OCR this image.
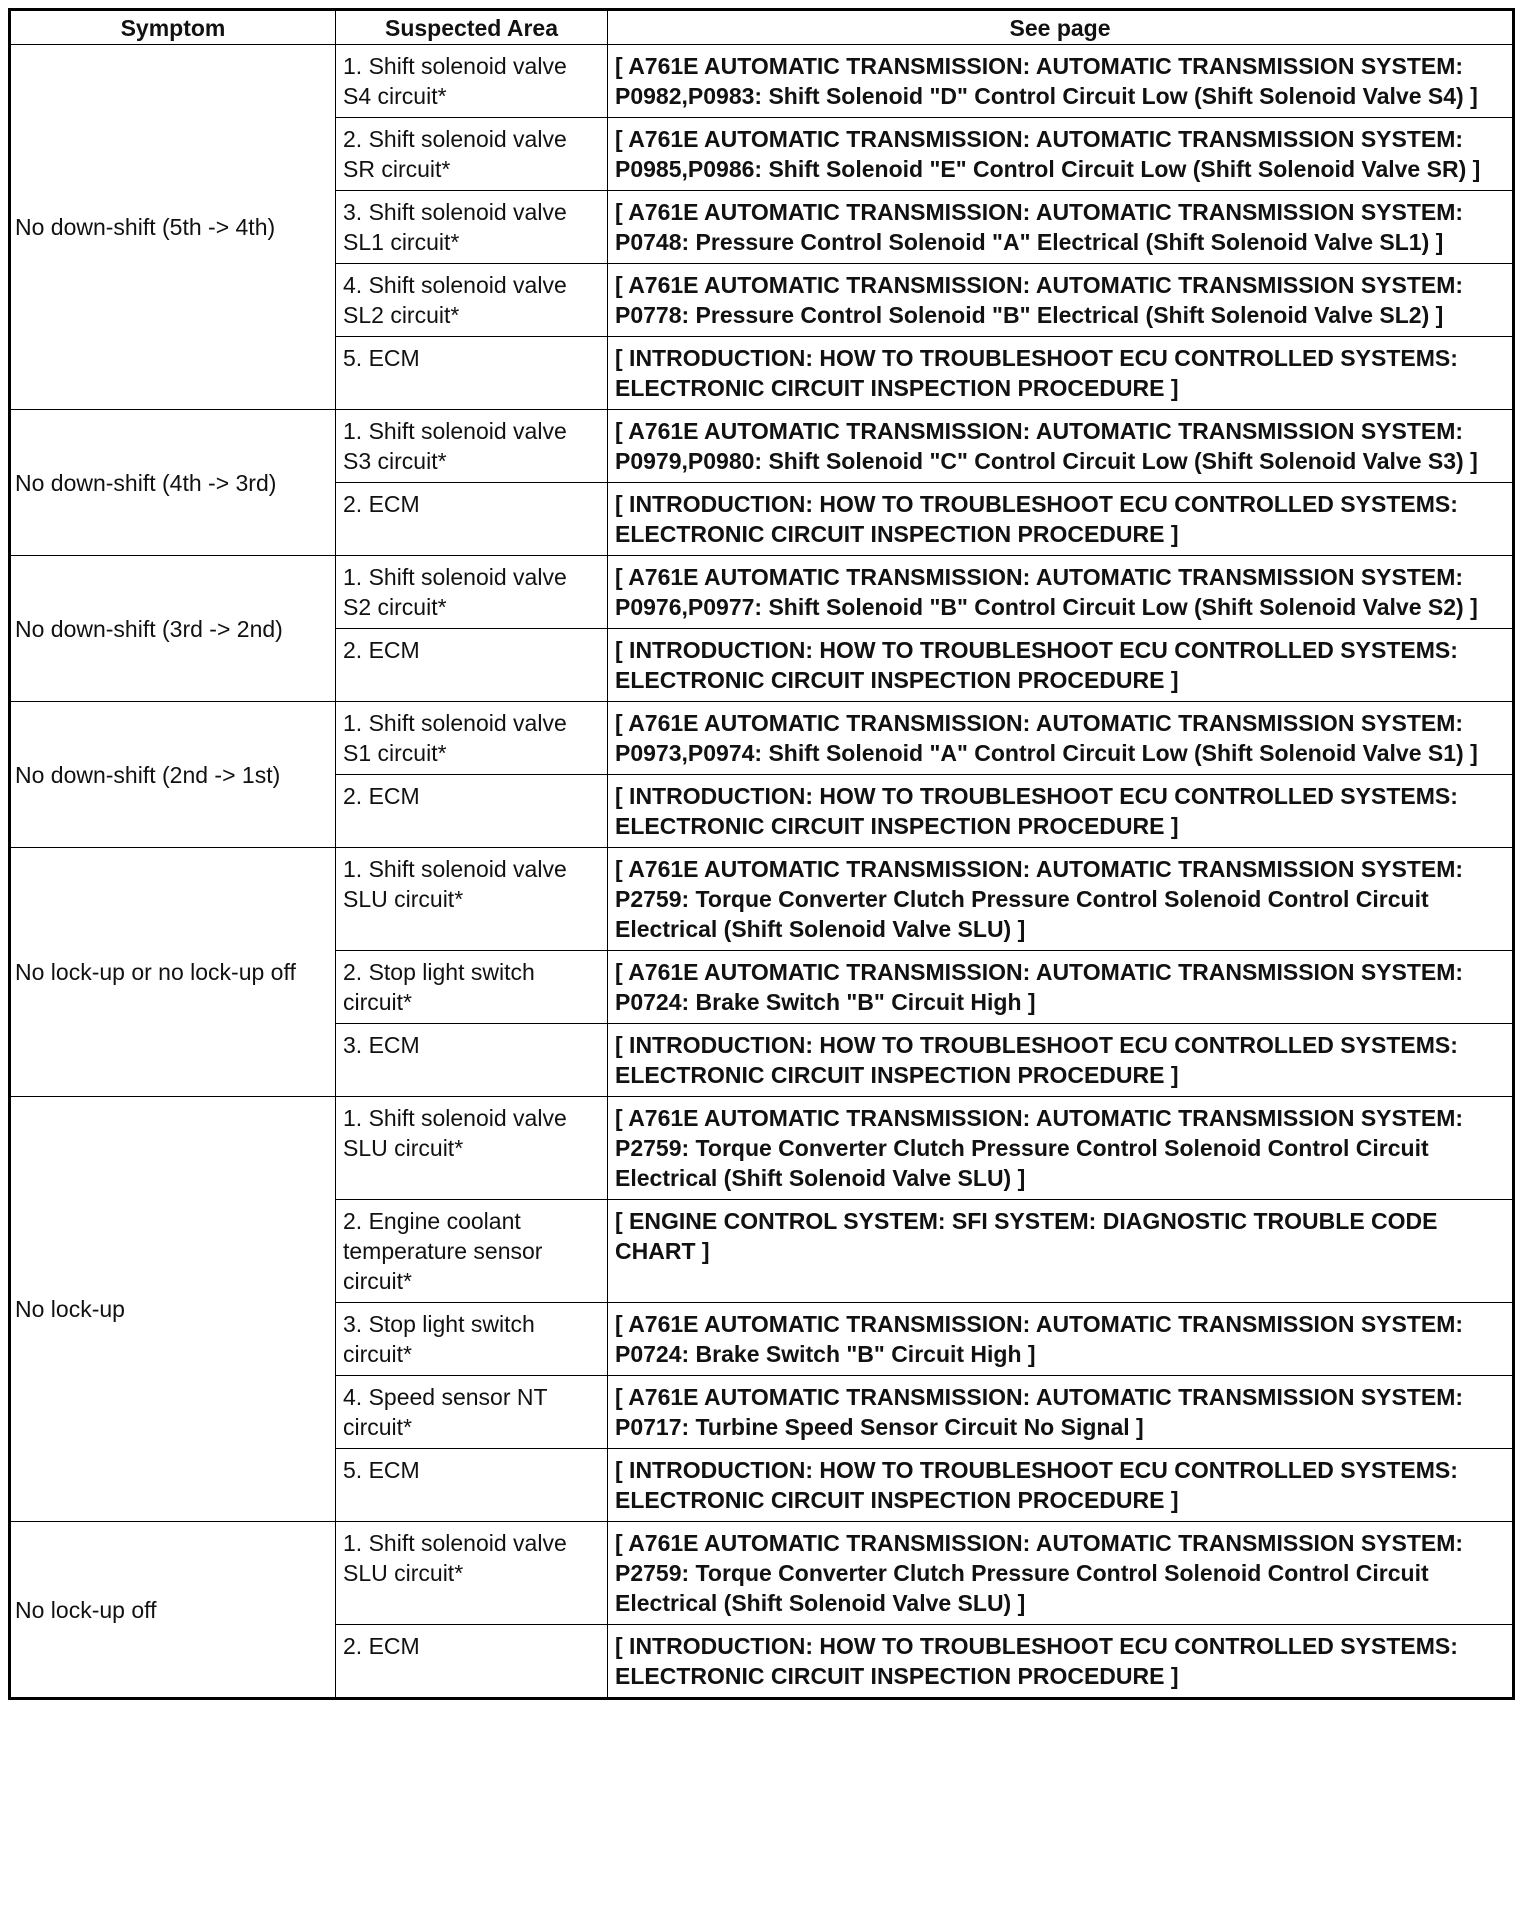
Symptom	Suspected Area	See page
No down-shift (5th -> 4th)	1. Shift solenoid valve S4 circuit*	[ A761E AUTOMATIC TRANSMISSION: AUTOMATIC TRANSMISSION SYSTEM: P0982,P0983: Shift Solenoid "D" Control Circuit Low (Shift Solenoid Valve S4) ]
	2. Shift solenoid valve SR circuit*	[ A761E AUTOMATIC TRANSMISSION: AUTOMATIC TRANSMISSION SYSTEM: P0985,P0986: Shift Solenoid "E" Control Circuit Low (Shift Solenoid Valve SR) ]
	3. Shift solenoid valve SL1 circuit*	[ A761E AUTOMATIC TRANSMISSION: AUTOMATIC TRANSMISSION SYSTEM: P0748: Pressure Control Solenoid "A" Electrical (Shift Solenoid Valve SL1) ]
	4. Shift solenoid valve SL2 circuit*	[ A761E AUTOMATIC TRANSMISSION: AUTOMATIC TRANSMISSION SYSTEM: P0778: Pressure Control Solenoid "B" Electrical (Shift Solenoid Valve SL2) ]
	5. ECM	[ INTRODUCTION: HOW TO TROUBLESHOOT ECU CONTROLLED SYSTEMS: ELECTRONIC CIRCUIT INSPECTION PROCEDURE ]
No down-shift (4th -> 3rd)	1. Shift solenoid valve S3 circuit*	[ A761E AUTOMATIC TRANSMISSION: AUTOMATIC TRANSMISSION SYSTEM: P0979,P0980: Shift Solenoid "C" Control Circuit Low (Shift Solenoid Valve S3) ]
	2. ECM	[ INTRODUCTION: HOW TO TROUBLESHOOT ECU CONTROLLED SYSTEMS: ELECTRONIC CIRCUIT INSPECTION PROCEDURE ]
No down-shift (3rd -> 2nd)	1. Shift solenoid valve S2 circuit*	[ A761E AUTOMATIC TRANSMISSION: AUTOMATIC TRANSMISSION SYSTEM: P0976,P0977: Shift Solenoid "B" Control Circuit Low (Shift Solenoid Valve S2) ]
	2. ECM	[ INTRODUCTION: HOW TO TROUBLESHOOT ECU CONTROLLED SYSTEMS: ELECTRONIC CIRCUIT INSPECTION PROCEDURE ]
No down-shift (2nd -> 1st)	1. Shift solenoid valve S1 circuit*	[ A761E AUTOMATIC TRANSMISSION: AUTOMATIC TRANSMISSION SYSTEM: P0973,P0974: Shift Solenoid "A" Control Circuit Low (Shift Solenoid Valve S1) ]
	2. ECM	[ INTRODUCTION: HOW TO TROUBLESHOOT ECU CONTROLLED SYSTEMS: ELECTRONIC CIRCUIT INSPECTION PROCEDURE ]
No lock-up or no lock-up off	1. Shift solenoid valve SLU circuit*	[ A761E AUTOMATIC TRANSMISSION: AUTOMATIC TRANSMISSION SYSTEM: P2759: Torque Converter Clutch Pressure Control Solenoid Control Circuit Electrical (Shift Solenoid Valve SLU) ]
	2. Stop light switch circuit*	[ A761E AUTOMATIC TRANSMISSION: AUTOMATIC TRANSMISSION SYSTEM: P0724: Brake Switch "B" Circuit High ]
	3. ECM	[ INTRODUCTION: HOW TO TROUBLESHOOT ECU CONTROLLED SYSTEMS: ELECTRONIC CIRCUIT INSPECTION PROCEDURE ]
No lock-up	1. Shift solenoid valve SLU circuit*	[ A761E AUTOMATIC TRANSMISSION: AUTOMATIC TRANSMISSION SYSTEM: P2759: Torque Converter Clutch Pressure Control Solenoid Control Circuit Electrical (Shift Solenoid Valve SLU) ]
	2. Engine coolant temperature sensor circuit*	[ ENGINE CONTROL SYSTEM: SFI SYSTEM: DIAGNOSTIC TROUBLE CODE CHART ]
	3. Stop light switch circuit*	[ A761E AUTOMATIC TRANSMISSION: AUTOMATIC TRANSMISSION SYSTEM: P0724: Brake Switch "B" Circuit High ]
	4. Speed sensor NT circuit*	[ A761E AUTOMATIC TRANSMISSION: AUTOMATIC TRANSMISSION SYSTEM: P0717: Turbine Speed Sensor Circuit No Signal ]
	5. ECM	[ INTRODUCTION: HOW TO TROUBLESHOOT ECU CONTROLLED SYSTEMS: ELECTRONIC CIRCUIT INSPECTION PROCEDURE ]
No lock-up off	1. Shift solenoid valve SLU circuit*	[ A761E AUTOMATIC TRANSMISSION: AUTOMATIC TRANSMISSION SYSTEM: P2759: Torque Converter Clutch Pressure Control Solenoid Control Circuit Electrical (Shift Solenoid Valve SLU) ]
	2. ECM	[ INTRODUCTION: HOW TO TROUBLESHOOT ECU CONTROLLED SYSTEMS: ELECTRONIC CIRCUIT INSPECTION PROCEDURE ]
